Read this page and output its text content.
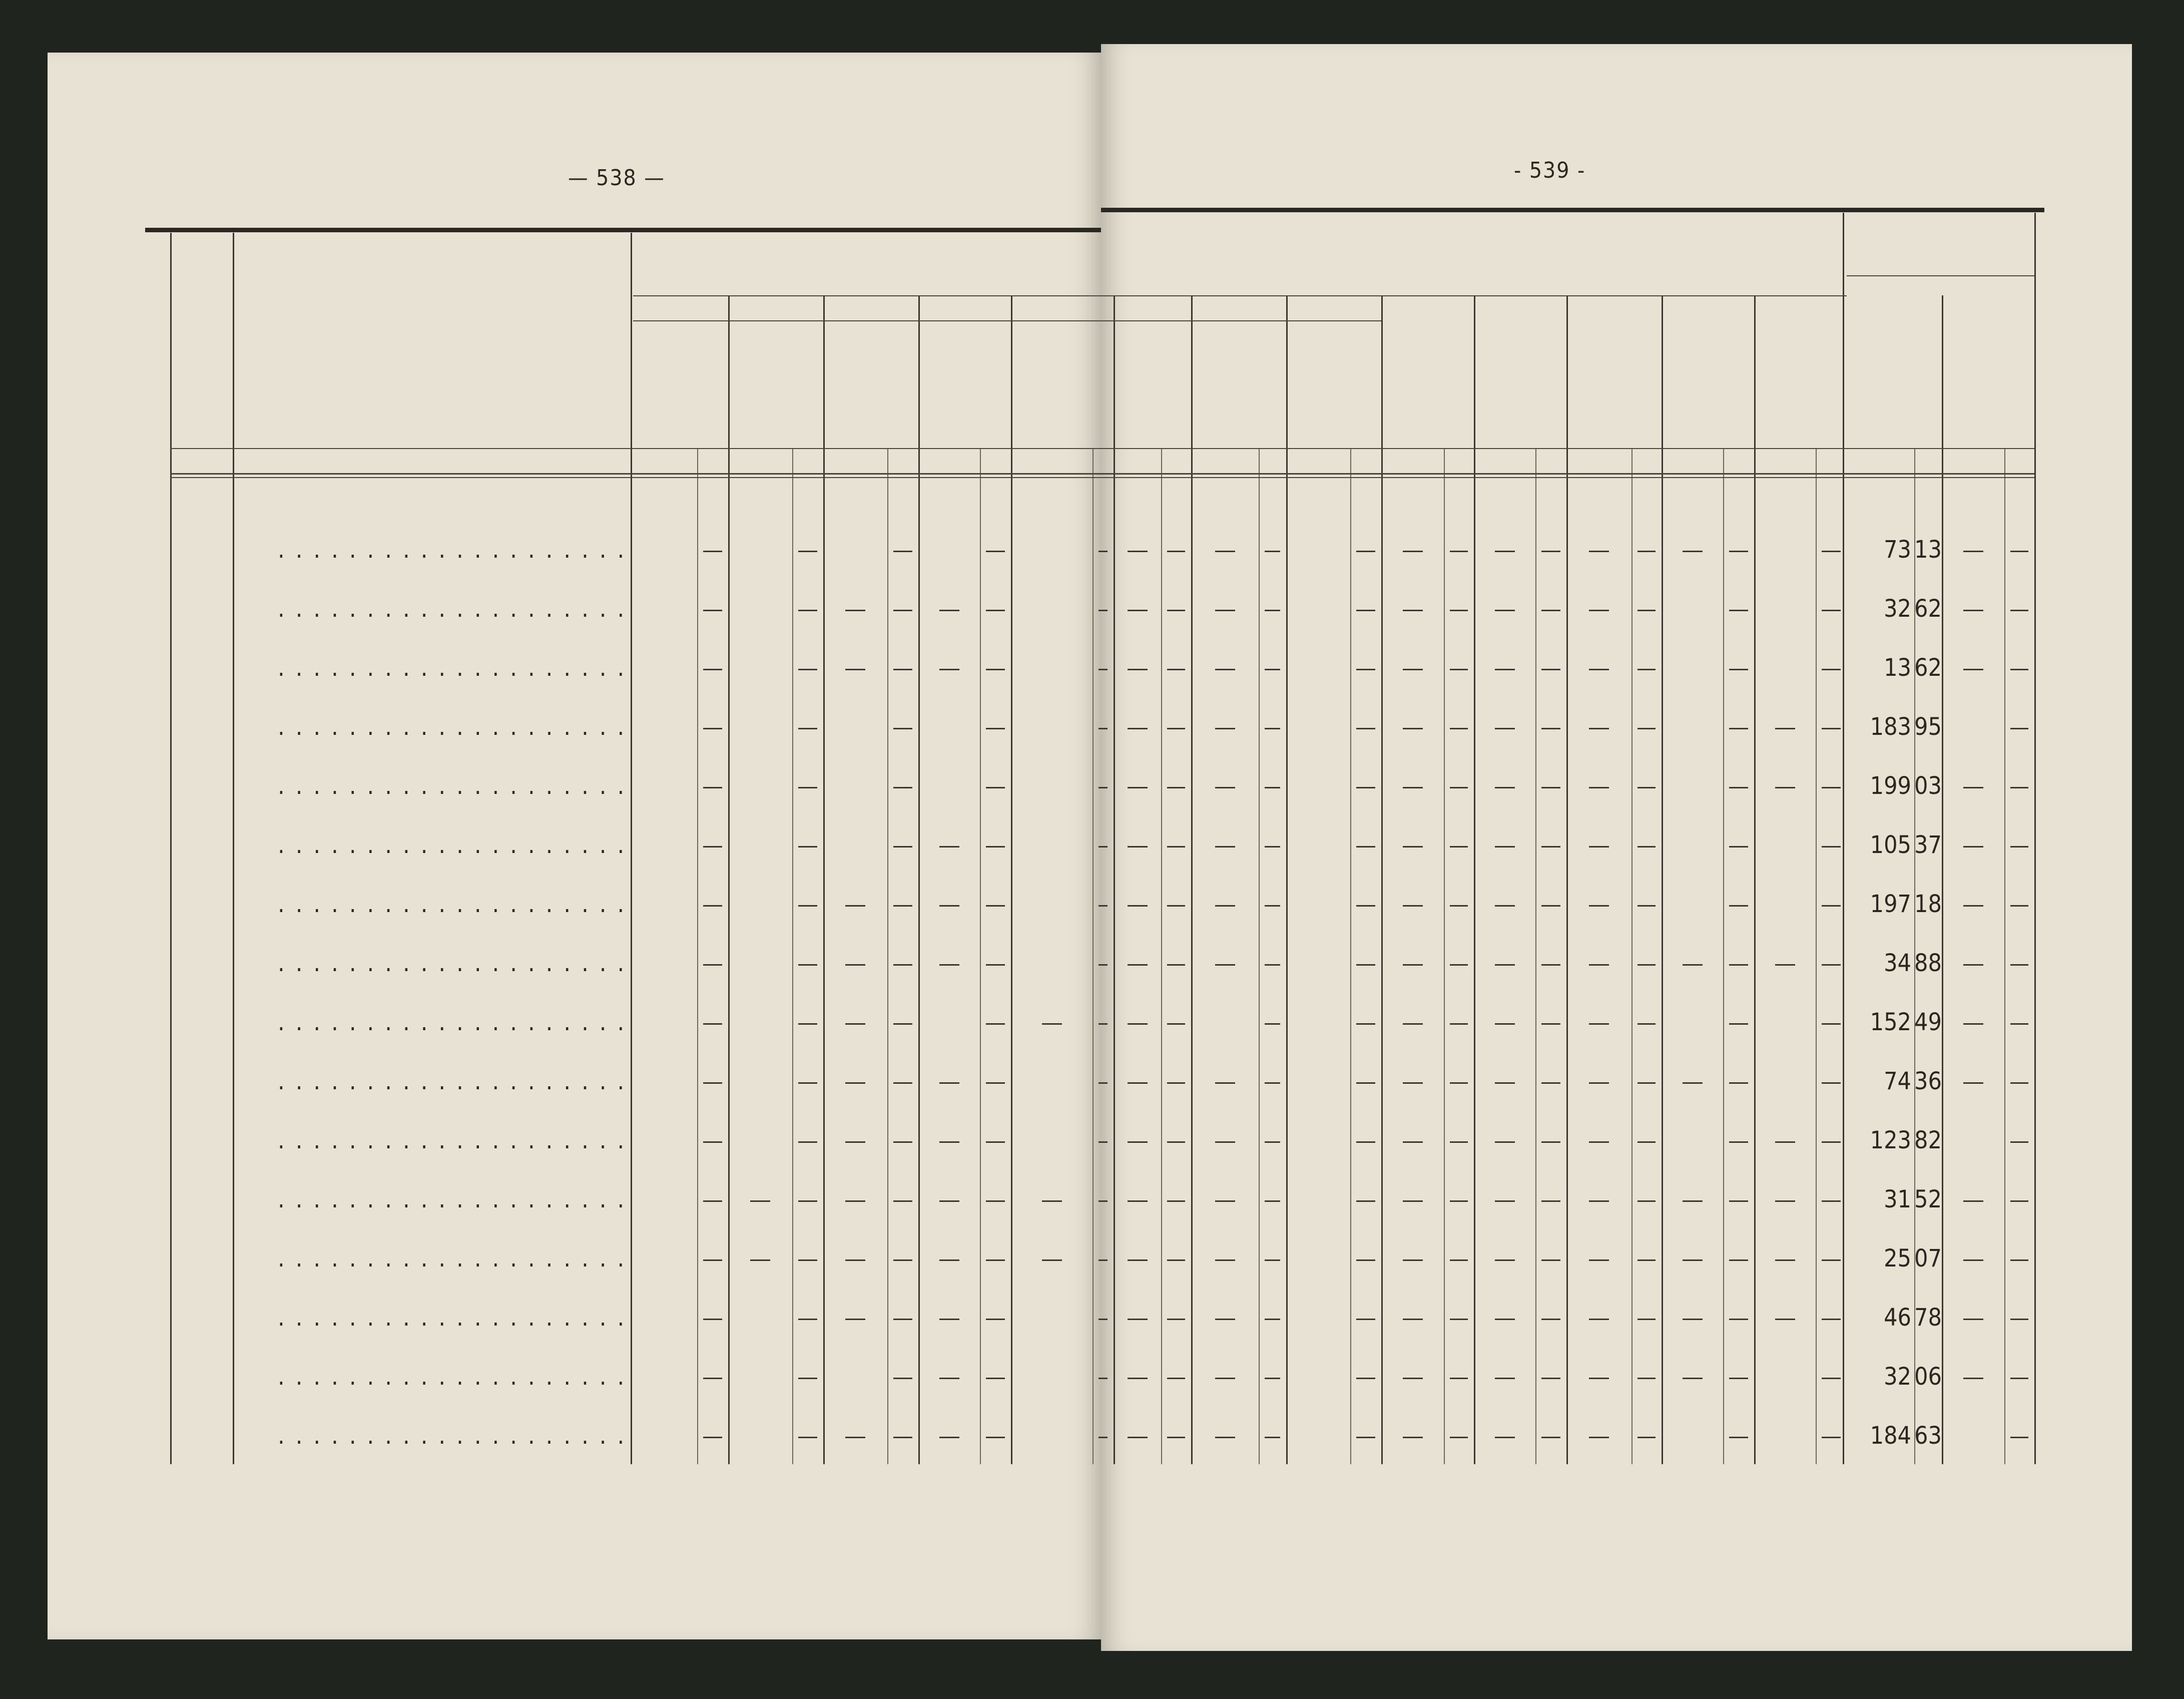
— 538 —	- 539 -
73 13
32 62
13 62
183 95
199 03
105 37
197 18
34 88
152 49
74 36
123 82
31 52
25 07
46 78
32 06
184 63
....................
....................
....................
....................
....................
....................
....................
....................
....................
....................
....................
....................
....................
....................
....................
....................
